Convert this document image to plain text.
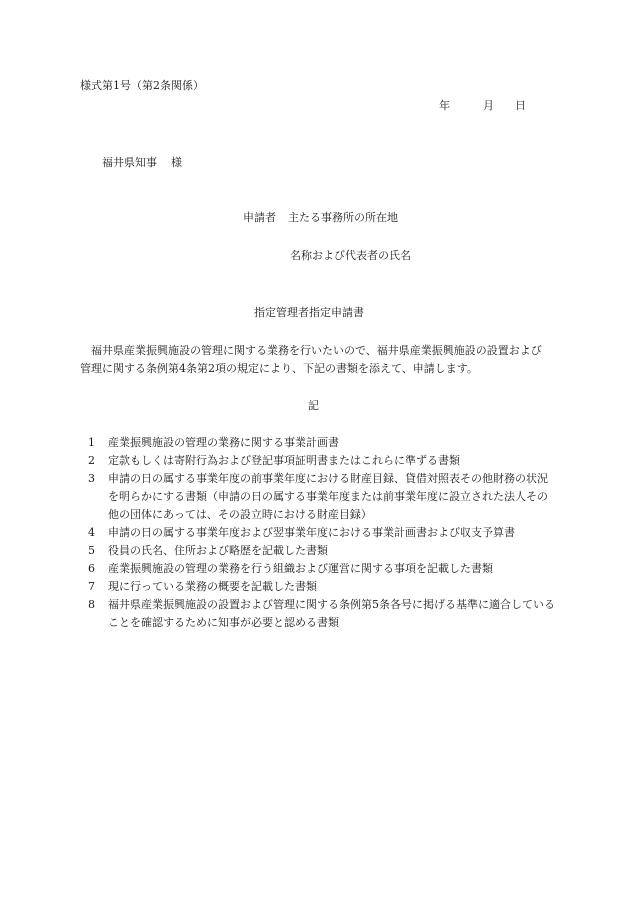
様式第1号（第2条関係）
年	月 日
福井県知事 様
申請者 主たる事務所の所在地
名称および代表者の氏名
指定管理者指定申請書
福井県産業振興施設の管理に関する業務を行いたいので、福井県産業振興施設の設置および管理に関する条例第4条第2項の規定により、下記の書類を添えて、申請します。
記
1 産業振興施設の管理の業務に関する事業計画書
2 定款もしくは寄附行為および登記事項証明書またはこれらに準ずる書類
3 申請の日の属する事業年度の前事業年度における財産目録、貸借対照表その他財務の状況を明らかにする書類（申請の日の属する事業年度または前事業年度に設立された法人その他の団体にあっては、その設立時における財産目録）
4 申請の日の属する事業年度および翌事業年度における事業計画書および収支予算書
5 役員の氏名、住所および略歴を記載した書類
6 産業振興施設の管理の業務を行う組織および運営に関する事項を記載した書類
7 現に行っている業務の概要を記載した書類
8 福井県産業振興施設の設置および管理に関する条例第5条各号に掲げる基準に適合していることを確認するために知事が必要と認める書類
